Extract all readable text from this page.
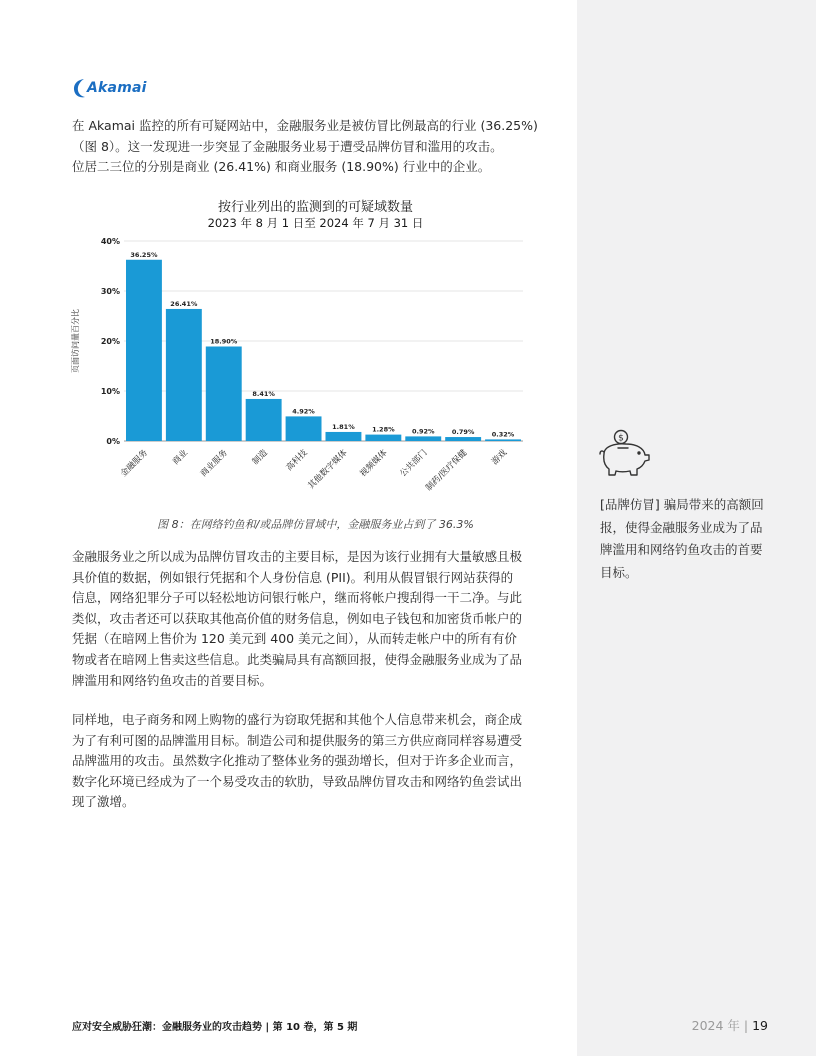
Akamai

在 Akamai 监控的所有可疑网站中，金融服务业是被仿冒比例最高的行业 (36.25%)
（图 8）。这一发现进一步突显了金融服务业易于遭受品牌仿冒和滥用的攻击。
位居二三位的分别是商业 (26.41%) 和商业服务 (18.90%) 行业中的企业。

按行业列出的监测到的可疑域数量
2023 年 8 月 1 日至 2024 年 7 月 31 日
0%
10%
20%
30%
40%
页面访问量百分比
36.25%
金融服务
26.41%
商业
18.90%
商业服务
8.41%
制造
4.92%
高科技
1.81%
其他数字媒体
1.28%
视频媒体
0.92%
公共部门
0.79%
制药/医疗保健
0.32%
游戏
图 8：在网络钓鱼和/或品牌仿冒域中，金融服务业占到了 36.3%

金融服务业之所以成为品牌仿冒攻击的主要目标，是因为该行业拥有大量敏感且极
具价值的数据，例如银行凭据和个人身份信息 (PII)。利用从假冒银行网站获得的
信息，网络犯罪分子可以轻松地访问银行帐户，继而将帐户搜刮得一干二净。与此
类似，攻击者还可以获取其他高价值的财务信息，例如电子钱包和加密货币帐户的
凭据（在暗网上售价为 120 美元到 400 美元之间），从而转走帐户中的所有有价
物或者在暗网上售卖这些信息。此类骗局具有高额回报，使得金融服务业成为了品
牌滥用和网络钓鱼攻击的首要目标。

同样地，电子商务和网上购物的盛行为窃取凭据和其他个人信息带来机会，商企成
为了有利可图的品牌滥用目标。制造公司和提供服务的第三方供应商同样容易遭受
品牌滥用的攻击。虽然数字化推动了整体业务的强劲增长，但对于许多企业而言，
数字化环境已经成为了一个易受攻击的软肋，导致品牌仿冒攻击和网络钓鱼尝试出
现了激增。

$

[品牌仿冒] 骗局带来的高额回
报，使得金融服务业成为了品
牌滥用和网络钓鱼攻击的首要
目标。

应对安全威胁狂潮：金融服务业的攻击趋势 | 第 10 卷，第 5 期	2024 年 | 19
